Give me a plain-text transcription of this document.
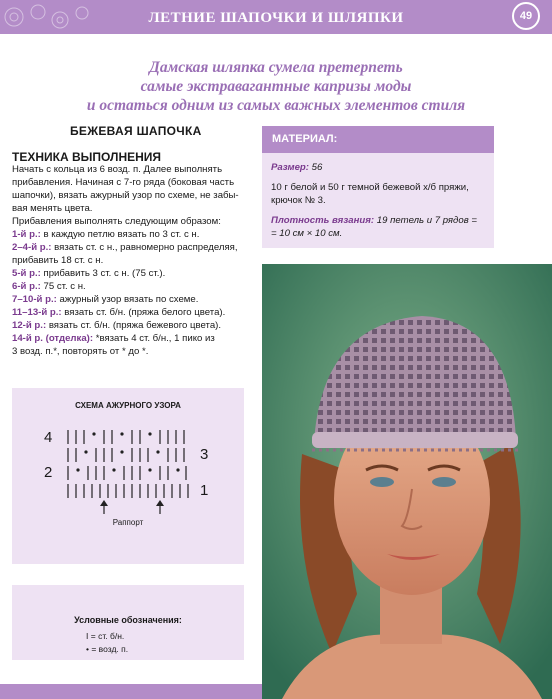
ЛЕТНИЕ ШАПОЧКИ И ШЛЯПКИ	49
Дамская шляпка сумела претерпеть
самые экстравагантные капризы моды
и остаться одним из самых важных элементов стиля
БЕЖЕВАЯ ШАПОЧКА
ТЕХНИКА ВЫПОЛНЕНИЯ

Начать с кольца из 6 возд. п. Далее выполнять

прибавления. Начиная с 7-го ряда (боковая часть

шапочки), вязать ажурный узор по схеме, не забы-

вая менять цвета.

Прибавления выполнять следующим образом:

1-й р.: в каждую петлю вязать по 3 ст. с н.

2–4-й р.: вязать ст. с н., равномерно распределяя,

прибавить 18 ст. с н.

5-й р.: прибавить 3 ст. с н. (75 ст.).

6-й р.: 75 ст. с н.

7–10-й р.: ажурный узор вязать по схеме.

11–13-й р.: вязать ст. б/н. (пряжа белого цвета).

12-й р.: вязать ст. б/н. (пряжа бежевого цвета).

14-й р. (отделка): *вязать 4 ст. б/н., 1 пико из

3 возд. п.*, повторять от * до *.

МАТЕРИАЛ:

Размер: 56

10 г белой и 50 г темной бежевой х/б пряжи,
крючок № 3.

Плотность вязания: 19 петель и 7 рядов =
= 10 см × 10 см.

СХЕМА АЖУРНОГО УЗОРА
4
2
3
1
Раппорт
Условные обозначения:
I = ст. б/н.
• = возд. п.
